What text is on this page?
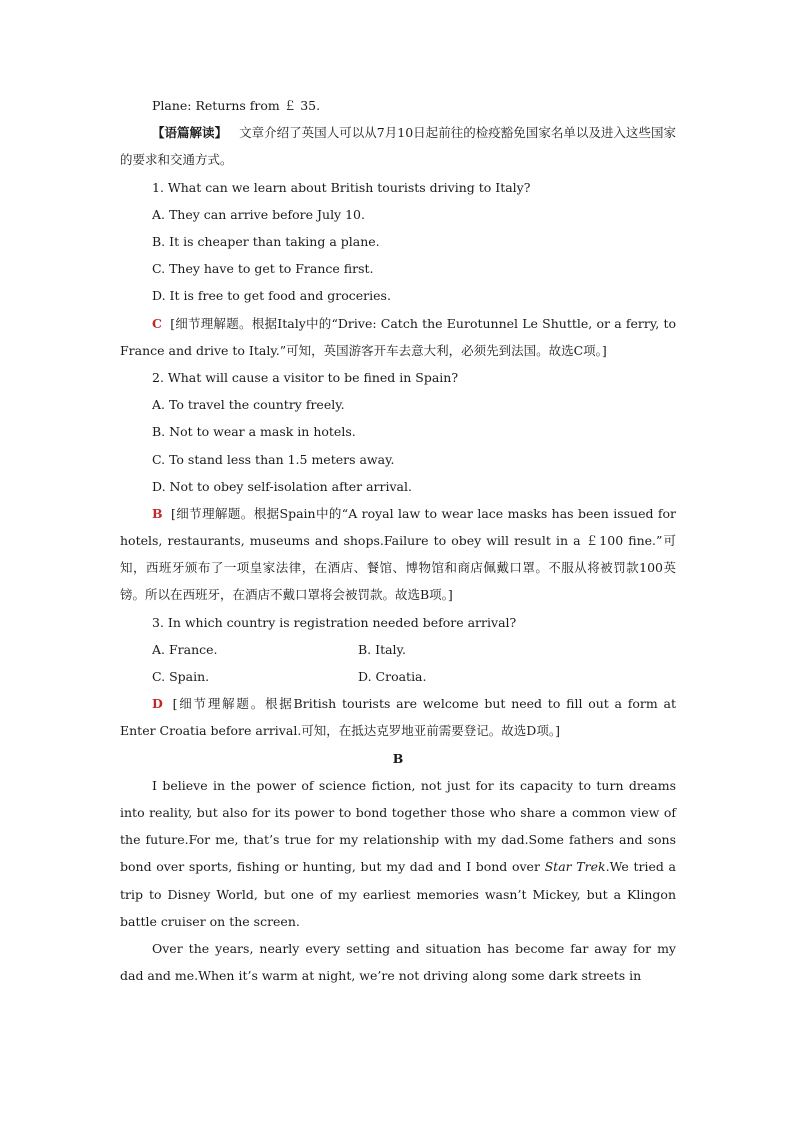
Plane: Returns from ￡ 35.
【语篇解读】 文章介绍了英国人可以从7月10日起前往的检疫豁免国家名单以及进入这些国家的要求和交通方式。
1. What can we learn about British tourists driving to Italy?
A. They can arrive before July 10.
B. It is cheaper than taking a plane.
C. They have to get to France first.
D. It is free to get food and groceries.
C [细节理解题。根据Italy中的“Drive: Catch the Eurotunnel Le Shuttle, or a ferry, to France and drive to Italy.”可知，英国游客开车去意大利，必须先到法国。故选C项。]
2. What will cause a visitor to be fined in Spain?
A. To travel the country freely.
B. Not to wear a mask in hotels.
C. To stand less than 1.5 meters away.
D. Not to obey self-isolation after arrival.
B [细节理解题。根据Spain中的“A royal law to wear lace masks has been issued for hotels, restaurants, museums and shops.Failure to obey will result in a ￡100 fine.”可知，西班牙颁布了一项皇家法律，在酒店、餐馆、博物馆和商店佩戴口罩。不服从将被罚款100英镑。所以在西班牙，在酒店不戴口罩将会被罚款。故选B项。]
3. In which country is registration needed before arrival?
A. France.	B. Italy.
C. Spain.	D. Croatia.
D [细节理解题。根据British tourists are welcome but need to fill out a form at Enter Croatia before arrival.可知，在抵达克罗地亚前需要登记。故选D项。]
B
I believe in the power of science fiction, not just for its capacity to turn dreams into reality, but also for its power to bond together those who share a common view of the future.For me, that’s true for my relationship with my dad.Some fathers and sons bond over sports, fishing or hunting, but my dad and I bond over Star Trek.We tried a trip to Disney World, but one of my earliest memories wasn’t Mickey, but a Klingon battle cruiser on the screen.
Over the years, nearly every setting and situation has become far away for my dad and me.When it’s warm at night, we’re not driving along some dark streets in
